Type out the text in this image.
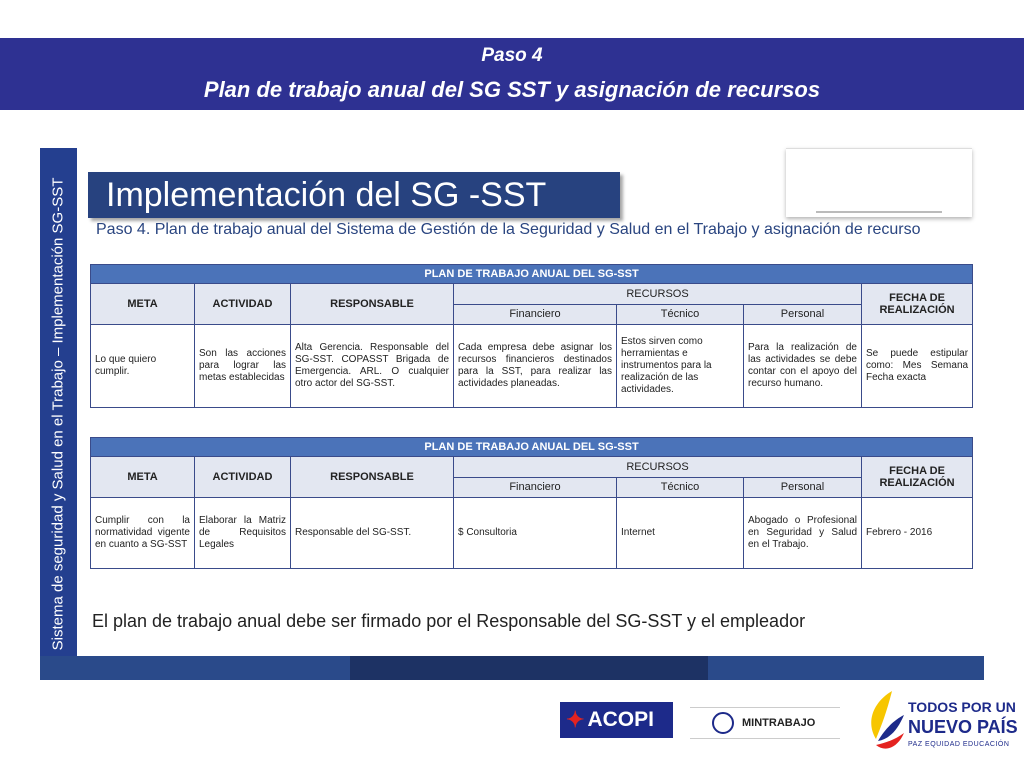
Paso 4
Plan de trabajo anual del SG SST y asignación de recursos
Sistema de seguridad y Salud en el Trabajo – Implementación SG-SST Implementación del SG -SST
Paso 4. Plan de trabajo anual del Sistema de Gestión de la Seguridad y Salud en el Trabajo y asignación de recurso
PLAN DE TRABAJO ANUAL DEL SG-SST						
META	ACTIVIDAD	RESPONSABLE	RECURSOS			FECHA DE REALIZACIÓN
			Financiero	Técnico	Personal	
Lo que quiero cumplir.	Son las acciones para lograr las metas establecidas	Alta Gerencia. Responsable del SG-SST. COPASST Brigada de Emergencia. ARL. O cualquier otro actor del SG-SST.	Cada empresa debe asignar los recursos financieros destinados para la SST, para realizar las actividades planeadas.	Estos sirven como herramientas e instrumentos para la realización de las actividades.	Para la realización de las actividades se debe contar con el apoyo del recurso humano.	Se puede estipular como: Mes Semana Fecha exacta
PLAN DE TRABAJO ANUAL DEL SG-SST						
META	ACTIVIDAD	RESPONSABLE	RECURSOS			FECHA DE REALIZACIÓN
			Financiero	Técnico	Personal	
Cumplir con la normatividad vigente en cuanto a SG-SST	Elaborar la Matriz de Requisitos Legales	Responsable del SG-SST.	$ Consultoria	Internet	Abogado o Profesional en Seguridad y Salud en el Trabajo.	Febrero - 2016
El plan de trabajo anual debe ser firmado por el Responsable del SG-SST y el empleador
✦ ACOPI	MINTRABAJO
TODOS POR UN
NUEVO PAÍS
PAZ EQUIDAD EDUCACIÓN
